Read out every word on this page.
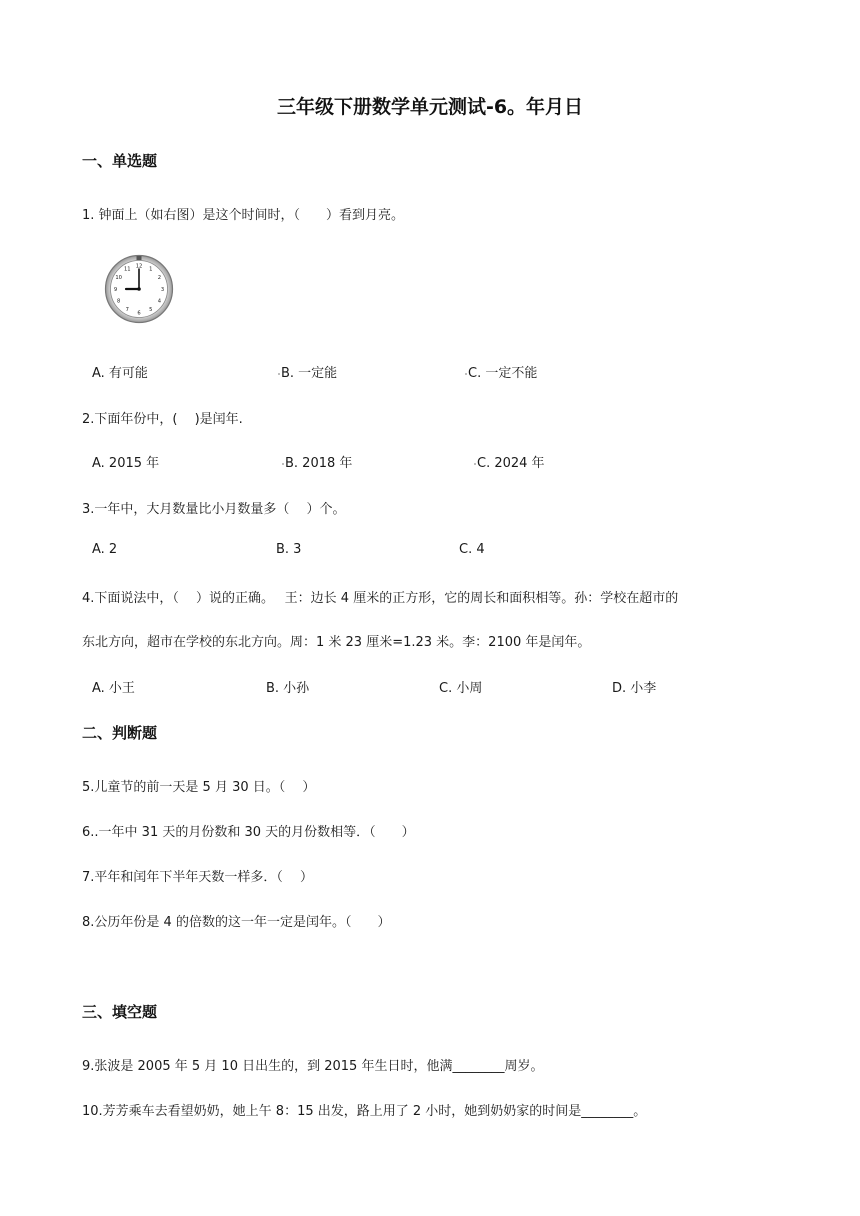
三年级下册数学单元测试-6。年月日
一、单选题
1. 钟面上（如右图）是这个时间时，（　　）看到月亮。
12
1
2
3
4
5
6
7
8
9
10
11
A. 有可能	B. 一定能	C. 一定不能
2.下面年份中，(　 )是闰年.
A. 2015 年	B. 2018 年	C. 2024 年
3.一年中，大月数量比小月数量多（　 ）个。
A. 2	B. 3	C. 4
4.下面说法中，（　 ）说的正确。　 王：边长 4 厘米的正方形，它的周长和面积相等。孙：学校在超市的
东北方向，超市在学校的东北方向。周：1 米 23 厘米=1.23 米。李：2100 年是闰年。
A. 小王	B. 小孙	C. 小周	D. 小李
二、判断题
5.儿童节的前一天是 5 月 30 日。（　 ）
6..一年中 31 天的月份数和 30 天的月份数相等．（　　）
7.平年和闰年下半年天数一样多．（　 ）
8.公历年份是 4 的倍数的这一年一定是闰年。（　　）
三、填空题
9.张波是 2005 年 5 月 10 日出生的，到 2015 年生日时，他满________周岁。
10.芳芳乘车去看望奶奶，她上午 8：15 出发，路上用了 2 小时，她到奶奶家的时间是________。
